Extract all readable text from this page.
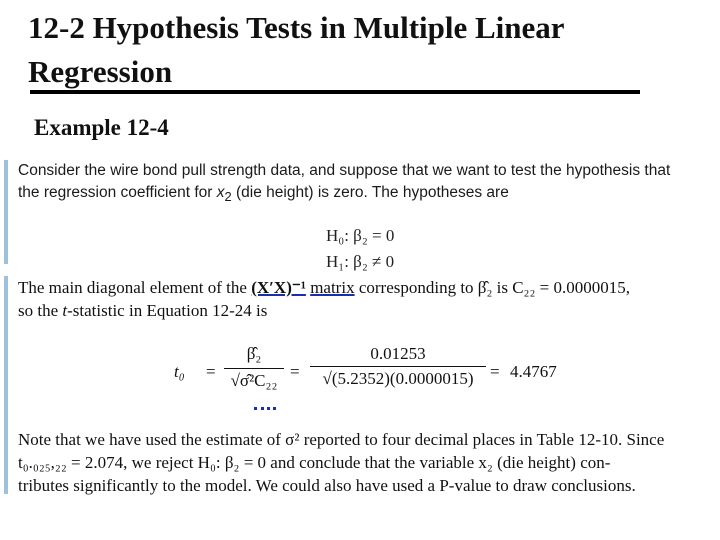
12-2 Hypothesis Tests in Multiple Linear Regression
Example 12-4
Consider the wire bond pull strength data, and suppose that we want to test the hypothesis that
the regression coefficient for $x_2$ (die height) is zero. The hypotheses are
H₀: β₂ = 0
H₁: β₂ ≠ 0
The main diagonal element of the (X′X)⁻¹ matrix corresponding to β̂₂ is C₂₂ = 0.0000015,
so the t-statistic in Equation 12-24 is
t₀ =
β̂₂
√σ̂²C₂₂ =
0.01253
√(5.2352)(0.0000015) = 4.4767
Note that we have used the estimate of σ² reported to four decimal places in Table 12-10. Since
t₀.₀₂₅,₂₂ = 2.074, we reject H₀: β₂ = 0 and conclude that the variable x₂ (die height) con-
tributes significantly to the model. We could also have used a P-value to draw conclusions.
